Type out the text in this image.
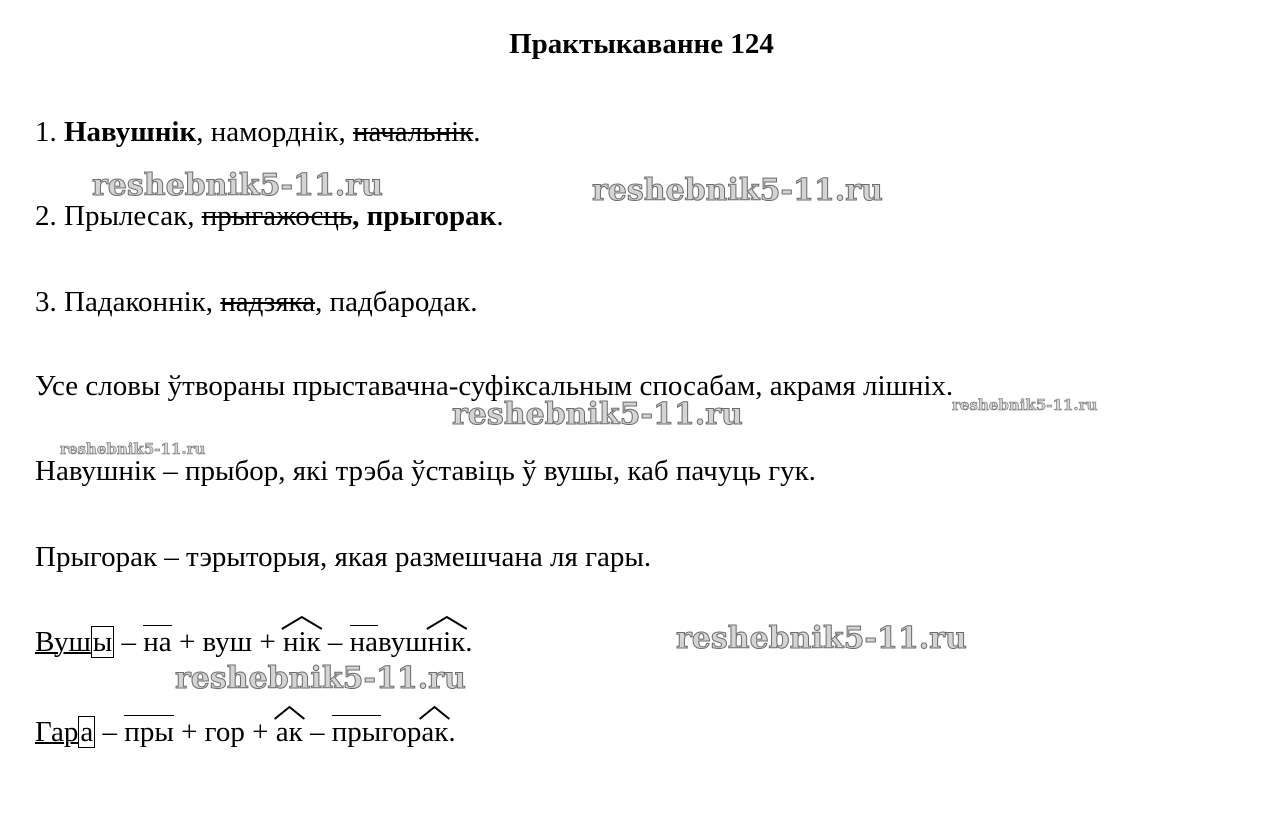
Практыкаванне 124
1. Навушнік, наморднік, начальнік.
2. Прылесак, прыгажосць, прыгорак.
3. Падаконнік, надзяка, падбародак.
Усе словы ўтвораны прыставачна-суфіксальным спосабам, акрамя лішніх.
Навушнік – прыбор, які трэба ўставіць ў вушы, каб пачуць гук.
Прыгорак – тэрыторыя, якая размешчана ля гары.
Вушы – на + вуш +
нік – навуш
нік.
Гара – пры + гор +
ак – прыгор
ак.
reshebnik5-11.ru	reshebnik5-11.ru
reshebnik5-11.ru	reshebnik5-11.ru
reshebnik5-11.ru
reshebnik5-11.ru
reshebnik5-11.ru
